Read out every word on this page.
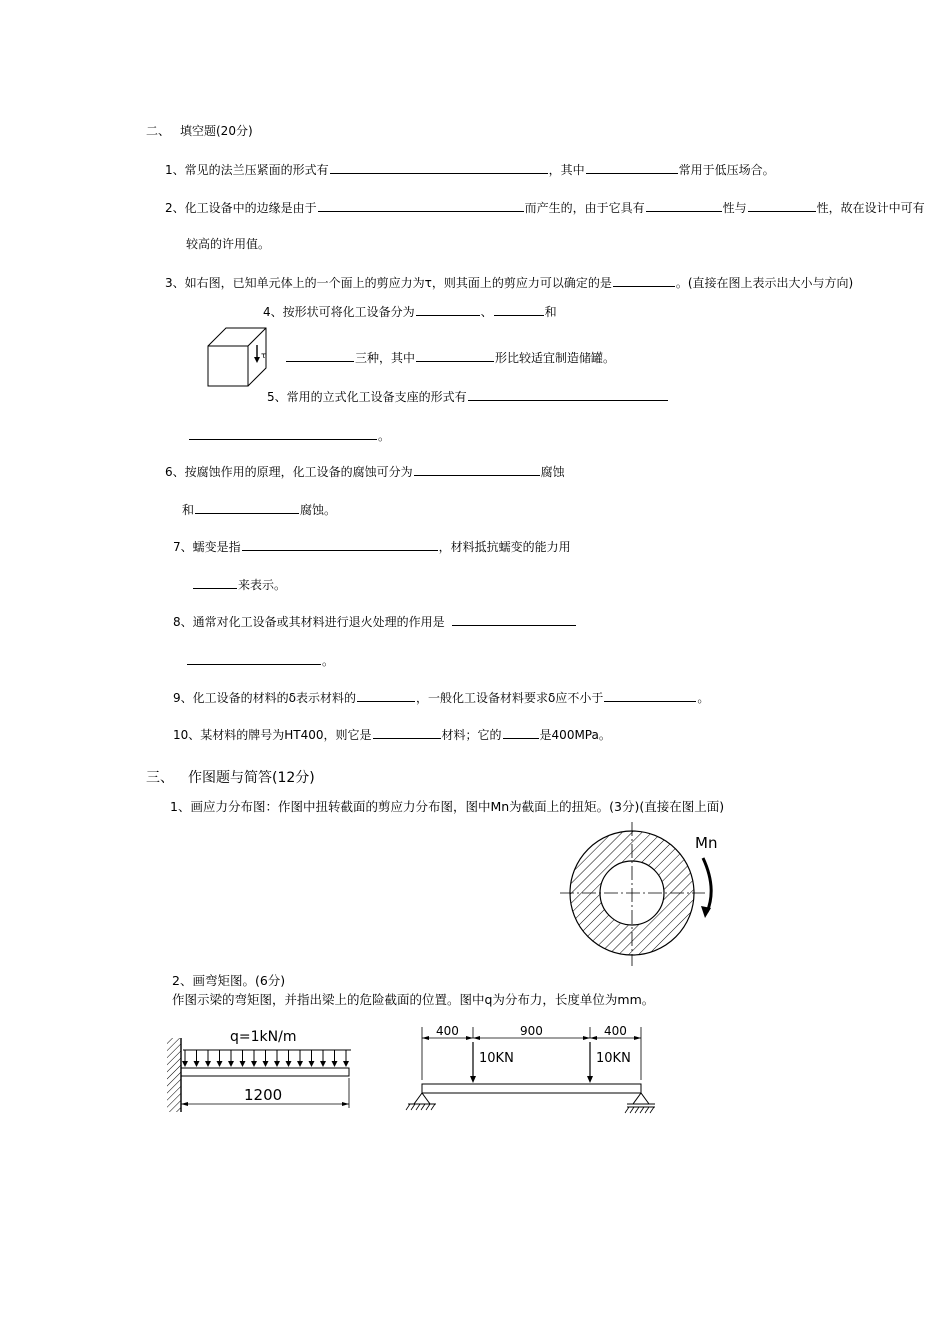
二、 填空题(20分)
1、常见的法兰压紧面的形式有	，其中	常用于低压场合。
2、化工设备中的边缘是由于	而产生的，由于它具有	性与	性，故在设计中可有
较高的许用值。
3、如右图，已知单元体上的一个面上的剪应力为τ，则其面上的剪应力可以确定的是	。(直接在图上表示出大小与方向)
4、按形状可将化工设备分为	、	和
三种，其中	形比较适宜制造储罐。
τ
5、常用的立式化工设备支座的形式有
。
6、按腐蚀作用的原理，化工设备的腐蚀可分为	腐蚀
和	腐蚀。
7、蠕变是指	，材料抵抗蠕变的能力用
来表示。
8、通常对化工设备或其材料进行退火处理的作用是
。
9、化工设备的材料的δ表示材料的	，一般化工设备材料要求δ应不小于	。
10、某材料的牌号为HT400，则它是	材料；它的	是400MPa。
三、 作图题与简答(12分)
1、画应力分布图：作图中扭转截面的剪应力分布图，图中Mn为截面上的扭矩。(3分)(直接在图上面)
Mn
2、画弯矩图。(6分)
作图示梁的弯矩图，并指出梁上的危险截面的位置。图中q为分布力，长度单位为mm。
q=1kN/m
1200
400	900	400
10KN	10KN
